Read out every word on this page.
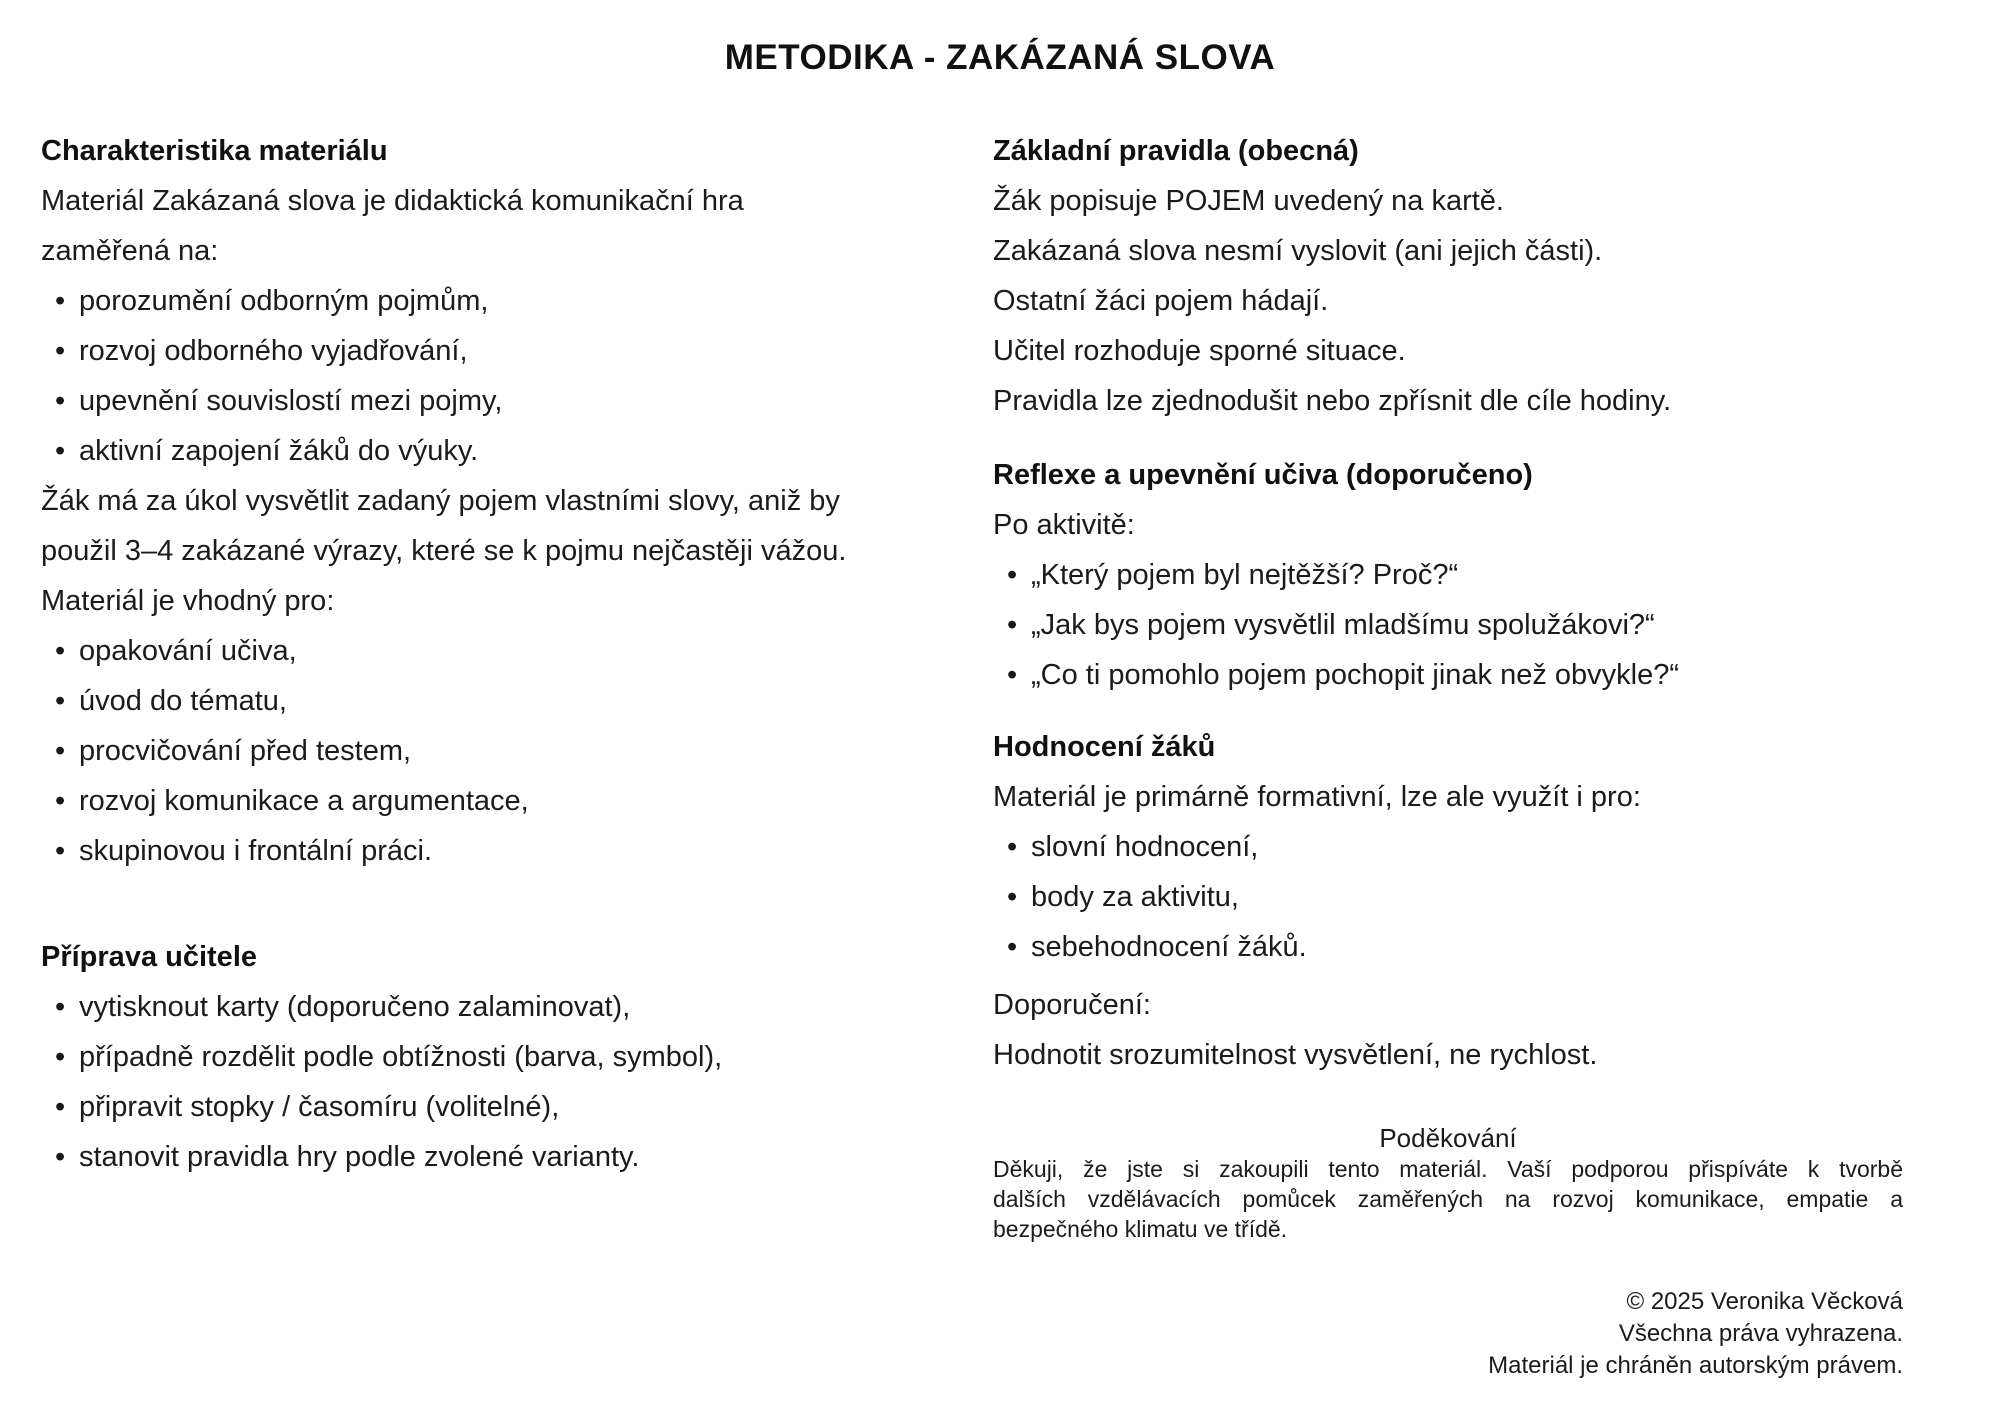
METODIKA - ZAKÁZANÁ SLOVA
Charakteristika materiálu
Materiál Zakázaná slova je didaktická komunikační hra
zaměřená na:
•
porozumění odborným pojmům,
•
rozvoj odborného vyjadřování,
•
upevnění souvislostí mezi pojmy,
•
aktivní zapojení žáků do výuky.
Žák má za úkol vysvětlit zadaný pojem vlastními slovy, aniž by
použil 3–4 zakázané výrazy, které se k pojmu nejčastěji vážou.
Materiál je vhodný pro:
•
opakování učiva,
•
úvod do tématu,
•
procvičování před testem,
•
rozvoj komunikace a argumentace,
•
skupinovou i frontální práci.
Příprava učitele
•
vytisknout karty (doporučeno zalaminovat),
•
případně rozdělit podle obtížnosti (barva, symbol),
•
připravit stopky / časomíru (volitelné),
•
stanovit pravidla hry podle zvolené varianty.
Základní pravidla (obecná)
Žák popisuje POJEM uvedený na kartě.
Zakázaná slova nesmí vyslovit (ani jejich části).
Ostatní žáci pojem hádají.
Učitel rozhoduje sporné situace.
Pravidla lze zjednodušit nebo zpřísnit dle cíle hodiny.
Reflexe a upevnění učiva (doporučeno)
Po aktivitě:
•
„Který pojem byl nejtěžší? Proč?“
•
„Jak bys pojem vysvětlil mladšímu spolužákovi?“
•
„Co ti pomohlo pojem pochopit jinak než obvykle?“
Hodnocení žáků
Materiál je primárně formativní, lze ale využít i pro:
•
slovní hodnocení,
•
body za aktivitu,
•
sebehodnocení žáků.
Doporučení:
Hodnotit srozumitelnost vysvětlení, ne rychlost.
Poděkování
Děkuji, že jste si zakoupili tento materiál. Vaší podporou přispíváte k tvorbě
dalších vzdělávacích pomůcek zaměřených na rozvoj komunikace, empatie a
bezpečného klimatu ve třídě.
© 2025 Veronika Věcková
Všechna práva vyhrazena.
Materiál je chráněn autorským právem.
